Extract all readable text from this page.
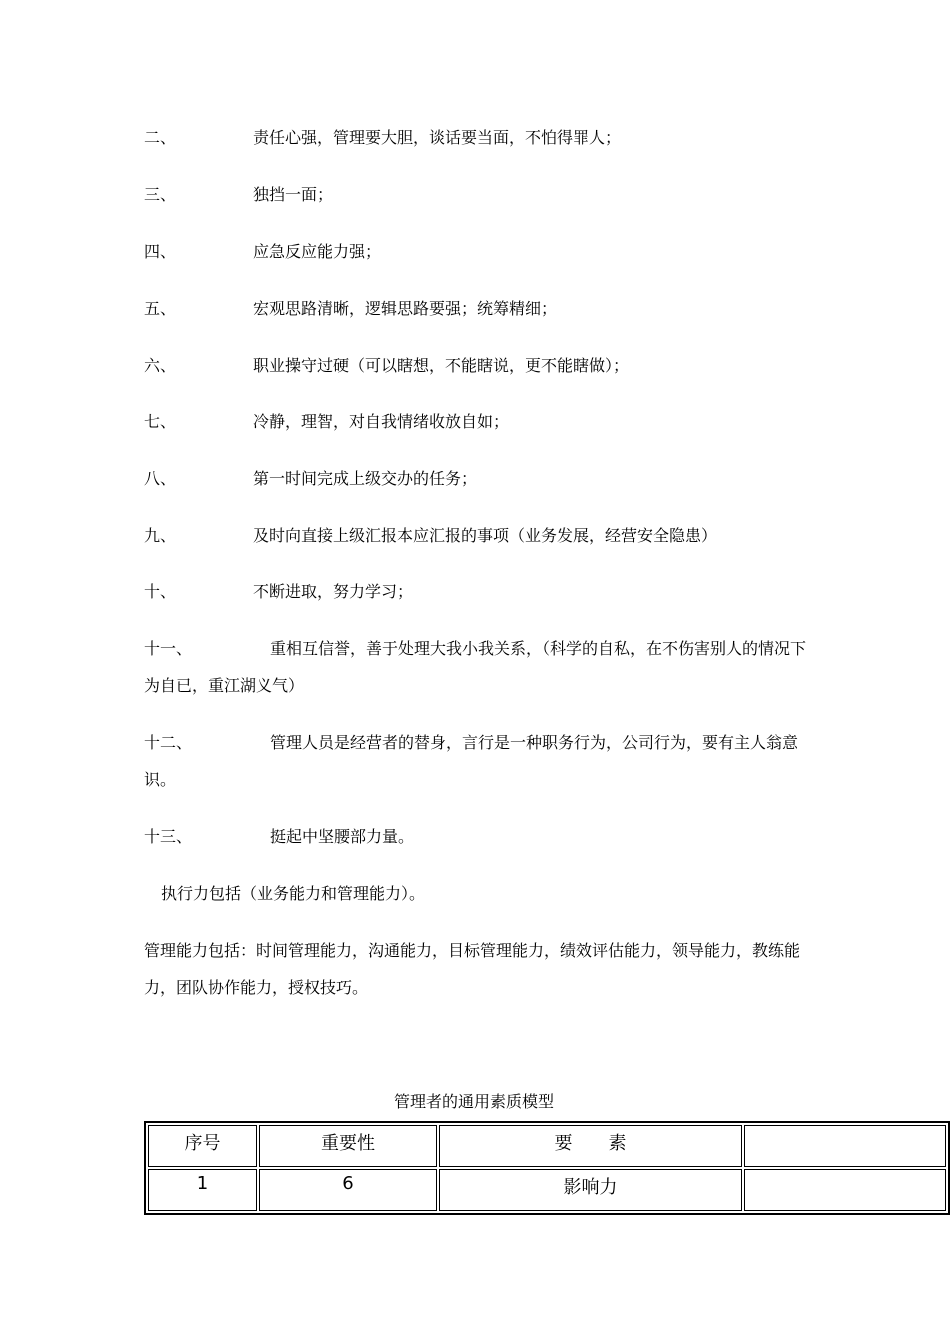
二、	责任心强，管理要大胆，谈话要当面，不怕得罪人；
三、	独挡一面；
四、	应急反应能力强；
五、	宏观思路清晰，逻辑思路要强；统筹精细；
六、	职业操守过硬（可以瞎想，不能瞎说，更不能瞎做）；
七、	冷静，理智，对自我情绪收放自如；
八、	第一时间完成上级交办的任务；
九、	及时向直接上级汇报本应汇报的事项（业务发展，经营安全隐患）
十、	不断进取，努力学习；
十一、	重相互信誉，善于处理大我小我关系，（科学的自私，在不伤害别人的情况下为自已，重江湖义气）
十二、	管理人员是经营者的替身，言行是一种职务行为，公司行为，要有主人翁意识。
十三、	挺起中坚腰部力量。
执行力包括（业务能力和管理能力）。
管理能力包括：时间管理能力，沟通能力，目标管理能力，绩效评估能力，领导能力，教练能力，团队协作能力，授权技巧。
管理者的通用素质模型
序号	重要性	要　　素	
1	6	影响力	
